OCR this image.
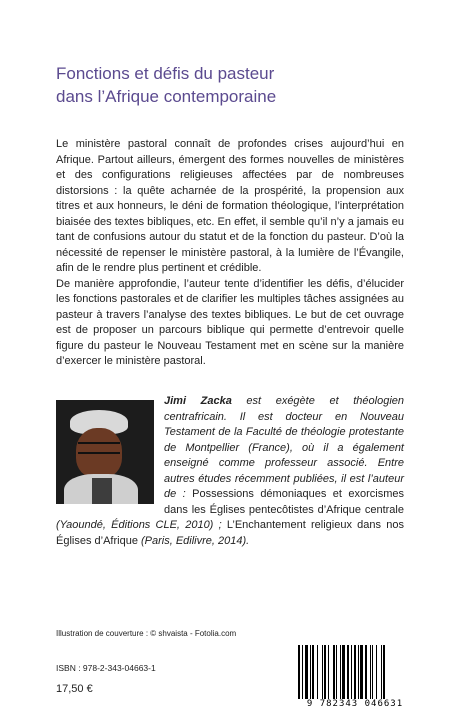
Fonctions et défis du pasteur
dans l’Afrique contemporaine

Le ministère pastoral connaît de profondes crises aujourd’hui en Afrique. Partout ailleurs, émergent des formes nouvelles de ministères et des configurations religieuses affectées par de nombreuses distorsions : la quête acharnée de la prospérité, la propension aux titres et aux honneurs, le déni de formation théologique, l’interprétation biaisée des textes bibliques, etc. En effet, il semble qu’il n’y a jamais eu tant de confusions autour du statut et de la fonction du pasteur. D’où la nécessité de repenser le ministère pastoral, à la lumière de l’Évangile, afin de le rendre plus pertinent et crédible.

De manière approfondie, l’auteur tente d’identifier les défis, d’élucider les fonctions pastorales et de clarifier les multiples tâches assignées au pasteur à travers l’analyse des textes bibliques. Le but de cet ouvrage est de proposer un parcours biblique qui permette d’entrevoir quelle figure du pasteur le Nouveau Testament met en scène sur la manière d’exercer le ministère pastoral.

Jimi Zacka est exégète et théologien centrafricain. Il est docteur en Nouveau Testament de la Faculté de théologie protestante de Montpellier (France), où il a également enseigné comme professeur associé. Entre autres études récemment publiées, il est l’auteur de : Possessions démoniaques et exorcismes dans les Églises pentecôtistes d’Afrique centrale (Yaoundé, Éditions CLE, 2010) ; L’Enchantement religieux dans nos Églises d’Afrique (Paris, Edilivre, 2014).
Illustration de couverture : © shvaista - Fotolia.com
ISBN : 978-2-343-04663-1
17,50 €
9 782343 046631
